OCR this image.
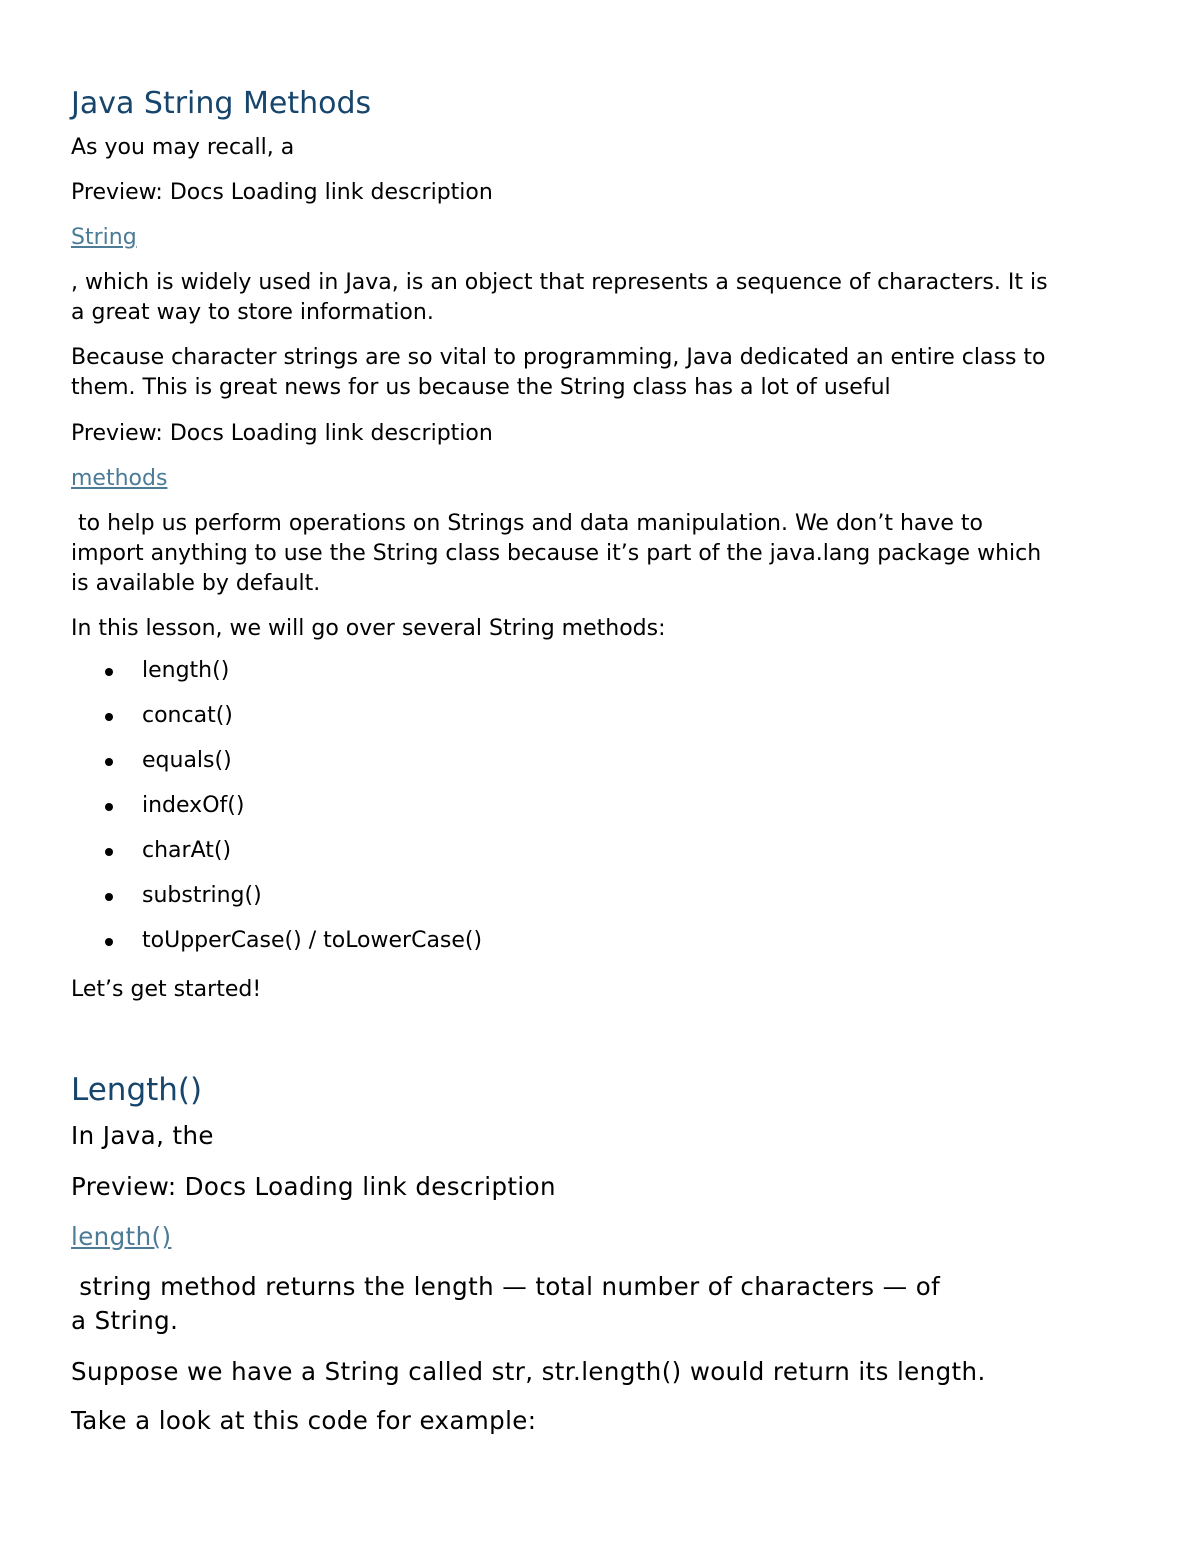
Java String Methods
As you may recall, a
Preview: Docs Loading link description
String
, which is widely used in Java, is an object that represents a sequence of characters. It is
a great way to store information.
Because character strings are so vital to programming, Java dedicated an entire class to
them. This is great news for us because the String class has a lot of useful
Preview: Docs Loading link description
methods
to help us perform operations on Strings and data manipulation. We don’t have to
import anything to use the String class because it’s part of the java.lang package which
is available by default.
In this lesson, we will go over several String methods:
length()
concat()
equals()
indexOf()
charAt()
substring()
toUpperCase() / toLowerCase()
Let’s get started!
Length()
In Java, the
Preview: Docs Loading link description
length()
string method returns the length — total number of characters — of
a String.
Suppose we have a String called str, str.length() would return its length.
Take a look at this code for example:
